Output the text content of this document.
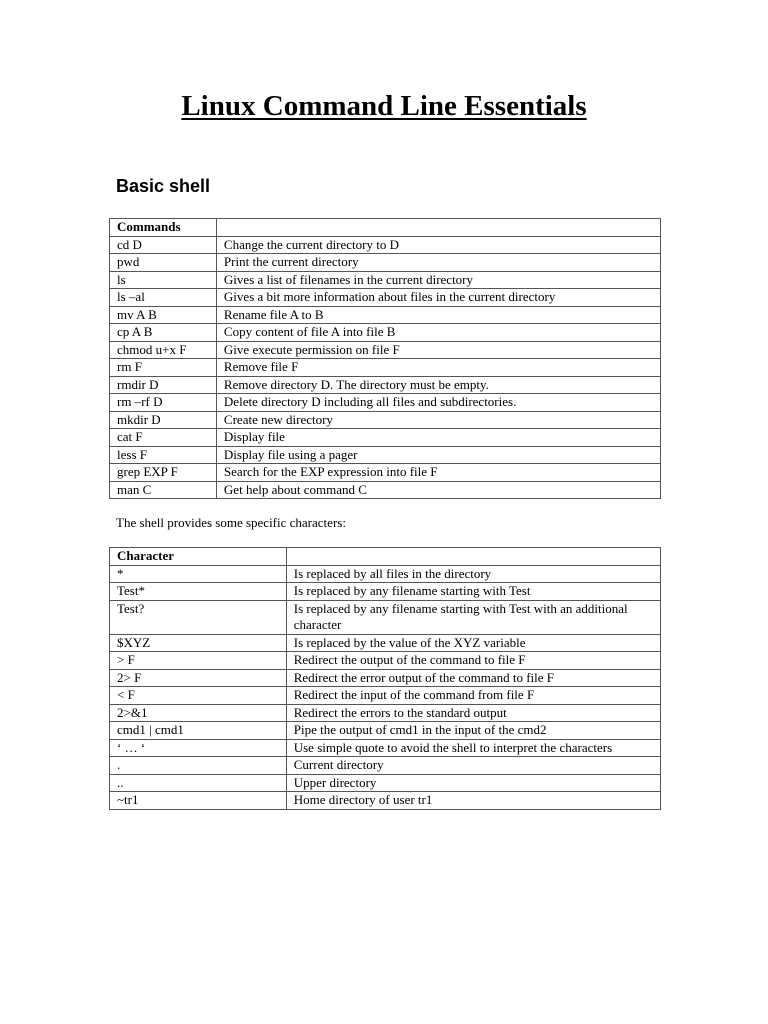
Linux Command Line Essentials
Basic shell
Commands	
cd D	Change the current directory to D
pwd	Print the current directory
ls	Gives a list of filenames in the current directory
ls –al	Gives a bit more information about files in the current directory
mv A B	Rename file A to B
cp A B	Copy content of file A into file B
chmod u+x F	Give execute permission on file F
rm F	Remove file F
rmdir D	Remove directory D. The directory must be empty.
rm –rf D	Delete directory D including all files and subdirectories.
mkdir D	Create new directory
cat F	Display file
less F	Display file using a pager
grep EXP F	Search for the EXP expression into file F
man C	Get help about command C

The shell provides some specific characters:

Character	
*	Is replaced by all files in the directory
Test*	Is replaced by any filename starting with Test
Test?	Is replaced by any filename starting with Test with an additional character
$XYZ	Is replaced by the value of the XYZ variable
> F	Redirect the output of the command to file F
2> F	Redirect the error output of the command to file F
< F	Redirect the input of the command from file F
2>&1	Redirect the errors to the standard output
cmd1 | cmd1	Pipe the output of cmd1 in the input of the cmd2
‘ … ‘	Use simple quote to avoid the shell to interpret the characters
.	Current directory
..	Upper directory
~tr1	Home directory of user tr1
